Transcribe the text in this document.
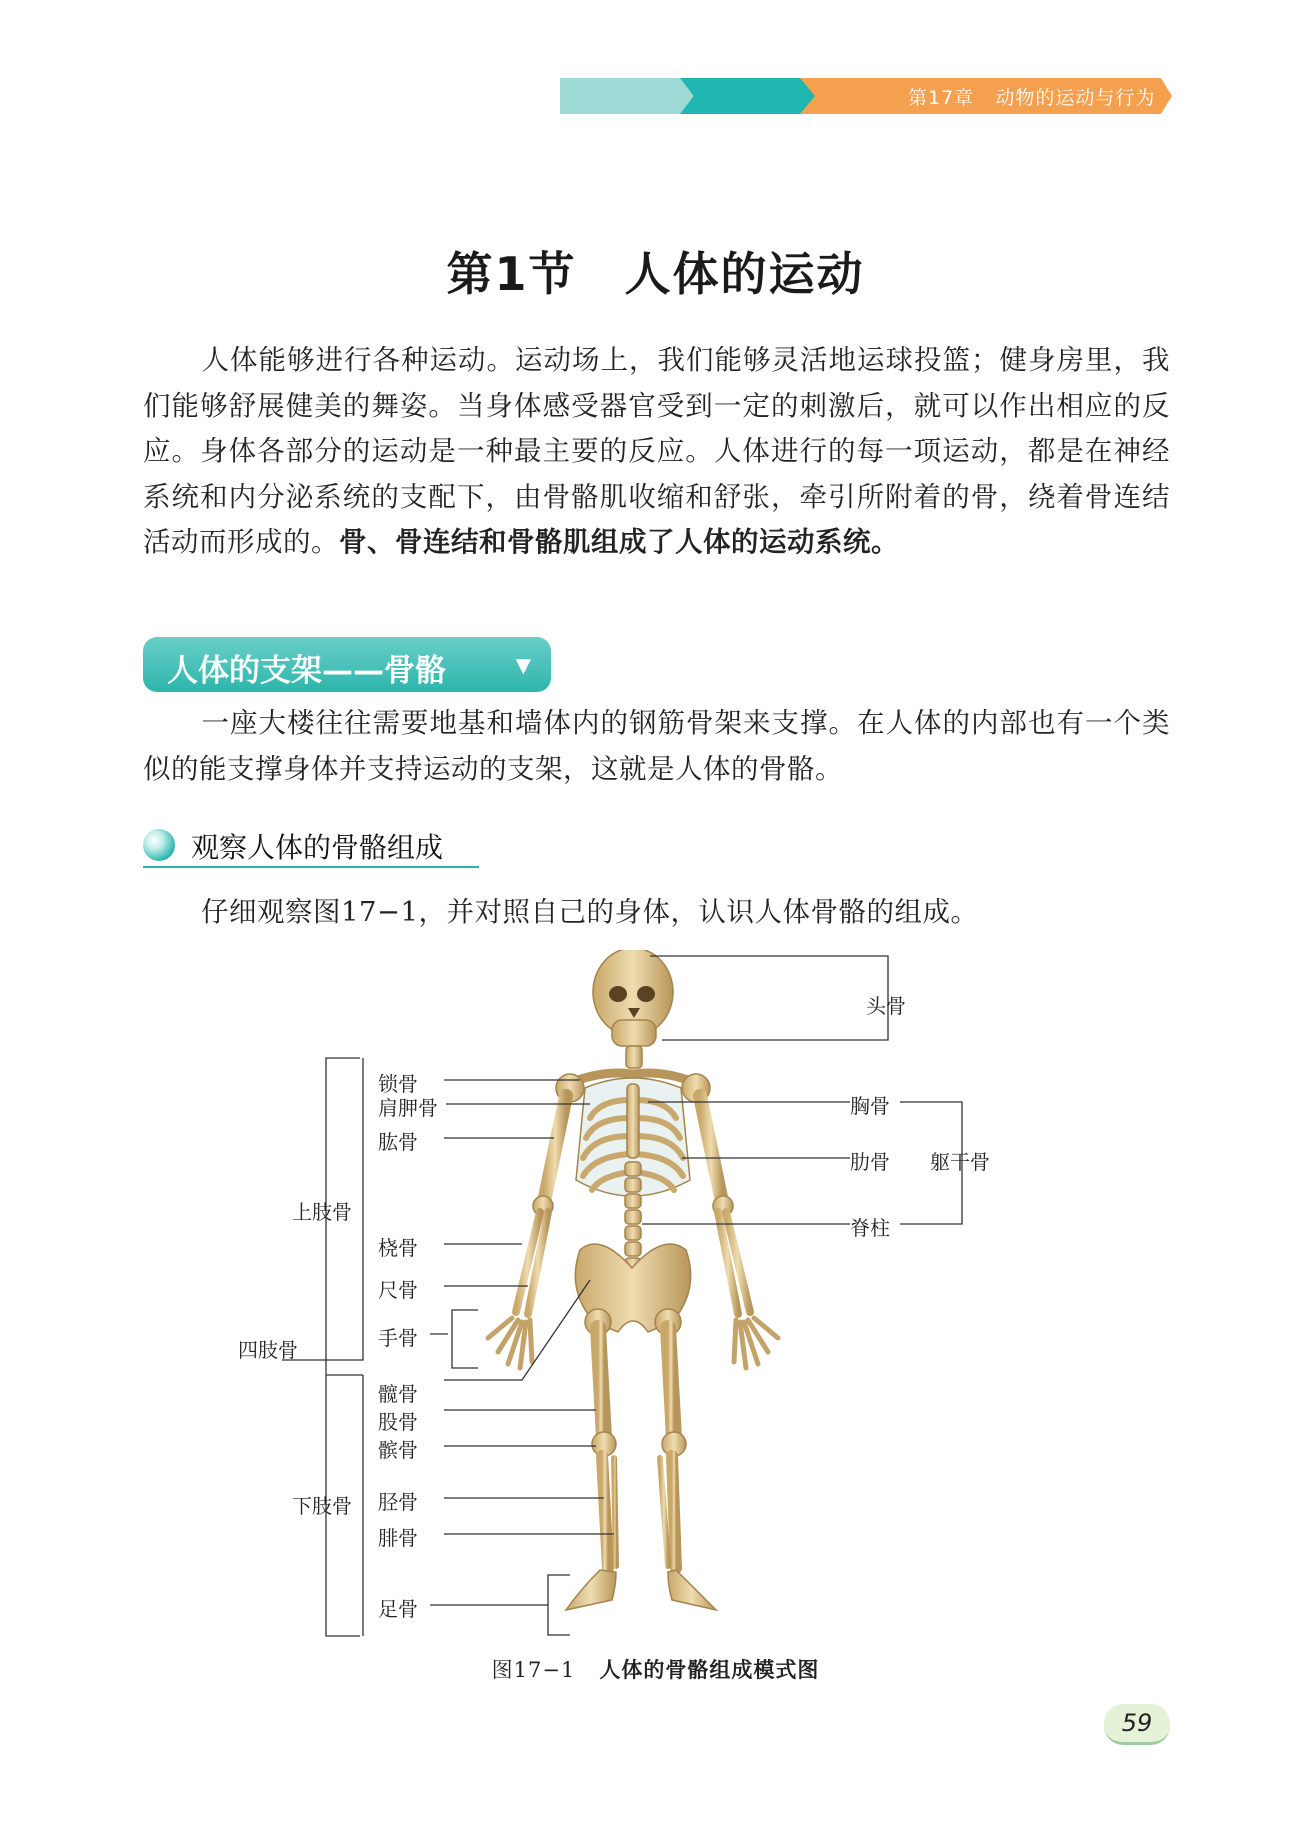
第17章 动物的运动与行为
第1节　人体的运动
人体能够进行各种运动。运动场上，我们能够灵活地运球投篮；健身房里，我们能够舒展健美的舞姿。当身体感受器官受到一定的刺激后，就可以作出相应的反应。身体各部分的运动是一种最主要的反应。人体进行的每一项运动，都是在神经系统和内分泌系统的支配下，由骨骼肌收缩和舒张，牵引所附着的骨，绕着骨连结活动而形成的。骨、骨连结和骨骼肌组成了人体的运动系统。
人体的支架——骨骼	▼
一座大楼往往需要地基和墙体内的钢筋骨架来支撑。在人体的内部也有一个类似的能支撑身体并支持运动的支架，这就是人体的骨骼。
观察人体的骨骼组成
仔细观察图17−1，并对照自己的身体，认识人体骨骼的组成。
头骨
锁骨
肩胛骨
肱骨
上肢骨
桡骨
尺骨
手骨
四肢骨
髋骨
股骨
髌骨
下肢骨 胫骨
腓骨
足骨
胸骨
肋骨 躯干骨
脊柱
图17−1 人体的骨骼组成模式图
59
